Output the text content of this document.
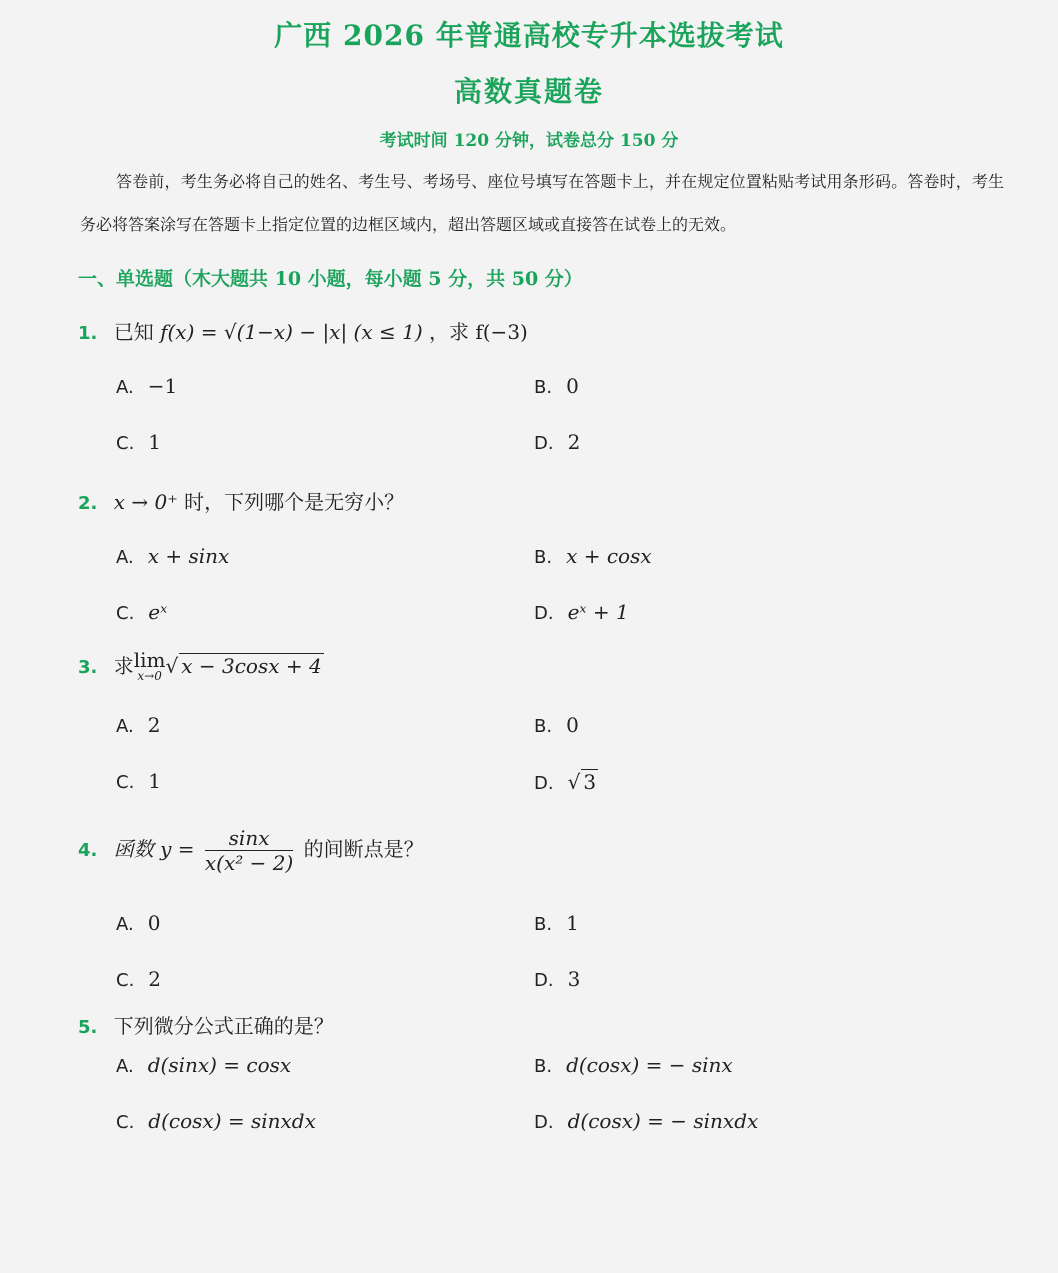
广西 2026 年普通高校专升本选拔考试
高数真题卷
考试时间 120 分钟，试卷总分 150 分

答卷前，考生务必将自己的姓名、考生号、考场号、座位号填写在答题卡上，并在规定位置粘贴考试用条形码。答卷时，考生务必将答案涂写在答题卡上指定位置的边框区域内，超出答题区域或直接答在试卷上的无效。

一、单选题（木大题共 10 小题，每小题 5 分，共 50 分）
1. 已知 f(x) = √(1−x) − |x| (x ≤ 1) ，求 f(−3)
A. −1	B. 0
C. 1	D. 2
2. x → 0⁺ 时，下列哪个是无穷小？
A. x + sinx	B. x + cosx
C. eˣ	D. eˣ + 1
3. 求lim
x→0 √ x − 3cosx + 4
A. 2	B. 0
C. 1	D. √ 3
4. 函数 $y = \frac{\sin x}{\text{x(x² − 2)}}$ 的间断点是？
A. 0	B. 1
C. 2	D. 3
5. 下列微分公式正确的是？
A. d(sinx) = cosx	B. d(cosx) = − sinx
C. d(cosx) = sinxdx	D. d(cosx) = − sinxdx
